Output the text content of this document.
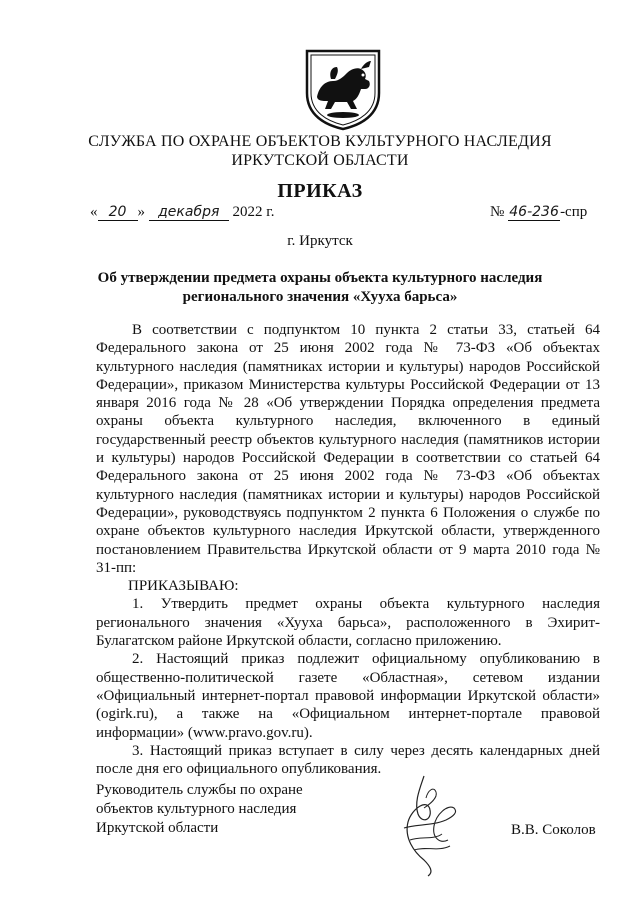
СЛУЖБА ПО ОХРАНЕ ОБЪЕКТОВ КУЛЬТУРНОГО НАСЛЕДИЯ
ИРКУТСКОЙ ОБЛАСТИ
ПРИКАЗ
« 20 » декабря 2022 г.	№ 46-236-спр
г. Иркутск
Об утверждении предмета охраны объекта культурного наследия
регионального значения «Хууха барьса»

В соответствии с подпунктом 10 пункта 2 статьи 33, статьей 64 Федерального закона от 25 июня 2002 года № 73-ФЗ «Об объектах культурного наследия (памятниках истории и культуры) народов Российской Федерации», приказом Министерства культуры Российской Федерации от 13 января 2016 года № 28 «Об утверждении Порядка определения предмета охраны объекта культурного наследия, включенного в единый государственный реестр объектов культурного наследия (памятников истории и культуры) народов Российской Федерации в соответствии со статьей 64 Федерального закона от 25 июня 2002 года № 73-ФЗ «Об объектах культурного наследия (памятниках истории и культуры) народов Российской Федерации», руководствуясь подпунктом 2 пункта 6 Положения о службе по охране объектов культурного наследия Иркутской области, утвержденного постановлением Правительства Иркутской области от 9 марта 2010 года № 31-пп:

ПРИКАЗЫВАЮ:

1. Утвердить предмет охраны объекта культурного наследия регионального значения «Хууха барьса», расположенного в Эхирит-Булагатском районе Иркутской области, согласно приложению.

2. Настоящий приказ подлежит официальному опубликованию в общественно-политической газете «Областная», сетевом издании «Официальный интернет-портал правовой информации Иркутской области» (ogirk.ru), а также на «Официальном интернет-портале правовой информации» (www.pravo.gov.ru).

3. Настоящий приказ вступает в силу через десять календарных дней после дня его официального опубликования.

Руководитель службы по охране
объектов культурного наследия
Иркутской области	В.В. Соколов
